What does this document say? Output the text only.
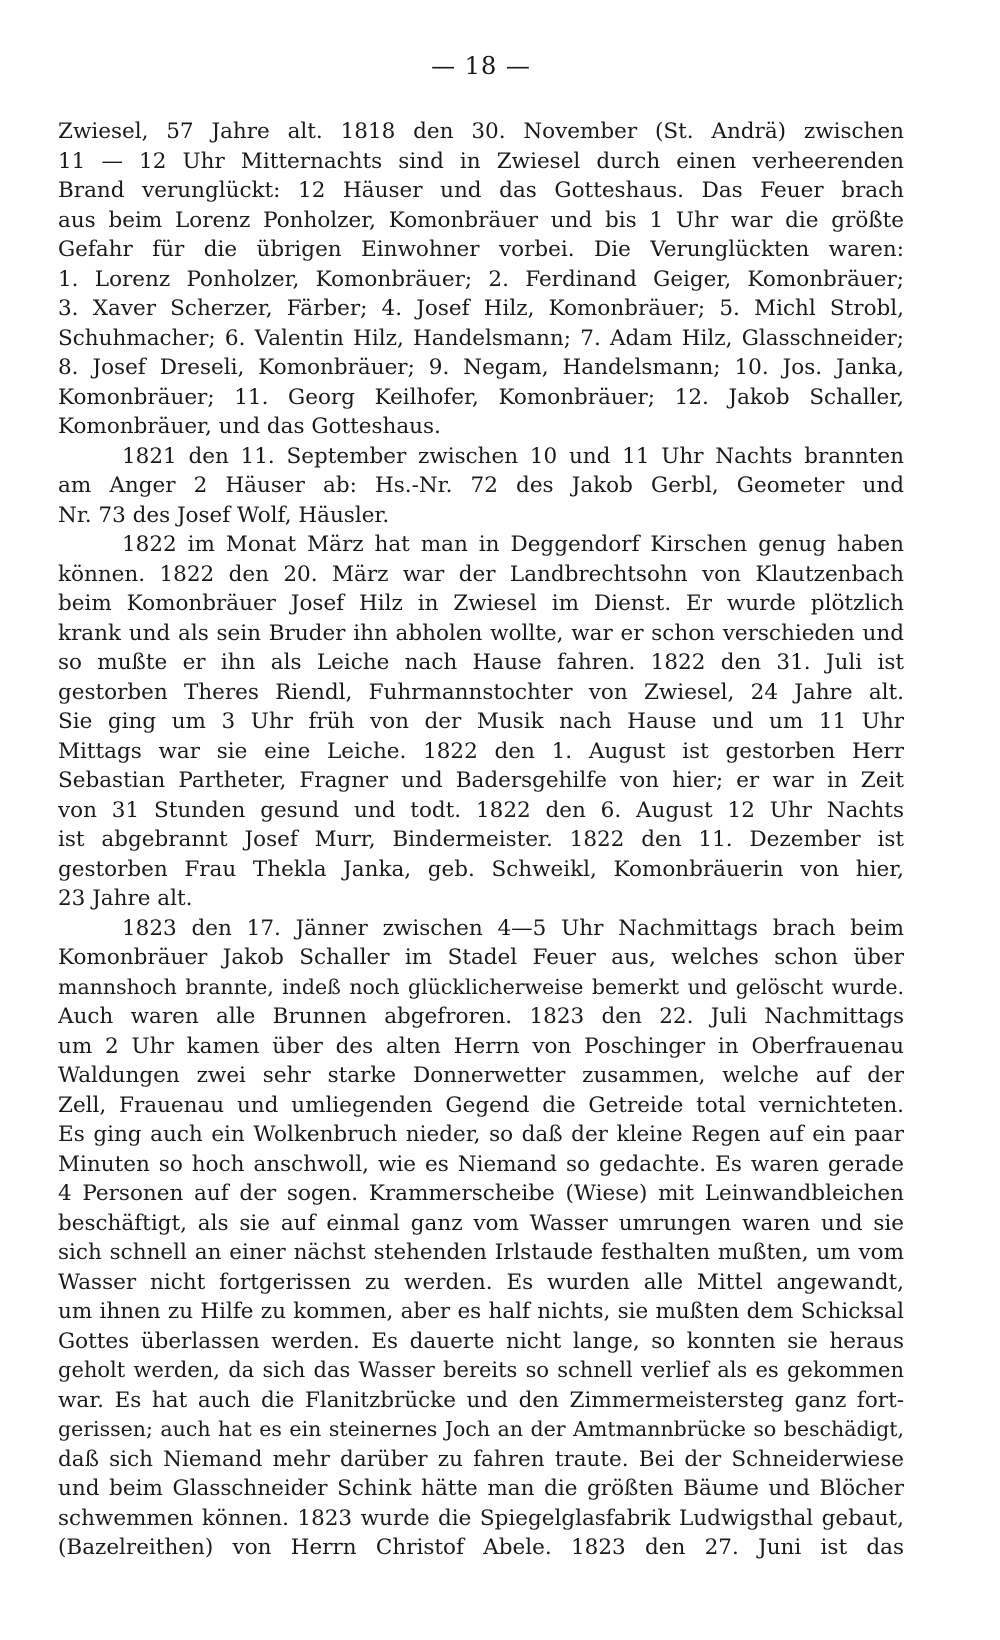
— 18 —
Zwiesel, 57 Jahre alt. 1818 den 30. November (St. Andrä) zwischen
11 — 12 Uhr Mitternachts sind in Zwiesel durch einen verheerenden
Brand verunglückt: 12 Häuser und das Gotteshaus. Das Feuer brach
aus beim Lorenz Ponholzer, Komonbräuer und bis 1 Uhr war die größte
Gefahr für die übrigen Einwohner vorbei. Die Verunglückten waren:
1. Lorenz Ponholzer, Komonbräuer; 2. Ferdinand Geiger, Komonbräuer;
3. Xaver Scherzer, Färber; 4. Josef Hilz, Komonbräuer; 5. Michl Strobl,
Schuhmacher; 6. Valentin Hilz, Handelsmann; 7. Adam Hilz, Glasschneider;
8. Josef Dreseli, Komonbräuer; 9. Negam, Handelsmann; 10. Jos. Janka,
Komonbräuer; 11. Georg Keilhofer, Komonbräuer; 12. Jakob Schaller,
Komonbräuer, und das Gotteshaus.
1821 den 11. September zwischen 10 und 11 Uhr Nachts brannten
am Anger 2 Häuser ab: Hs.-Nr. 72 des Jakob Gerbl, Geometer und
Nr. 73 des Josef Wolf, Häusler.
1822 im Monat März hat man in Deggendorf Kirschen genug haben
können. 1822 den 20. März war der Landbrechtsohn von Klautzenbach
beim Komonbräuer Josef Hilz in Zwiesel im Dienst. Er wurde plötzlich
krank und als sein Bruder ihn abholen wollte, war er schon verschieden und
so mußte er ihn als Leiche nach Hause fahren. 1822 den 31. Juli ist
gestorben Theres Riendl, Fuhrmannstochter von Zwiesel, 24 Jahre alt.
Sie ging um 3 Uhr früh von der Musik nach Hause und um 11 Uhr
Mittags war sie eine Leiche. 1822 den 1. August ist gestorben Herr
Sebastian Partheter, Fragner und Badersgehilfe von hier; er war in Zeit
von 31 Stunden gesund und todt. 1822 den 6. August 12 Uhr Nachts
ist abgebrannt Josef Murr, Bindermeister. 1822 den 11. Dezember ist
gestorben Frau Thekla Janka, geb. Schweikl, Komonbräuerin von hier,
23 Jahre alt.
1823 den 17. Jänner zwischen 4—5 Uhr Nachmittags brach beim
Komonbräuer Jakob Schaller im Stadel Feuer aus, welches schon über
mannshoch brannte, indeß noch glücklicherweise bemerkt und gelöscht wurde.
Auch waren alle Brunnen abgefroren. 1823 den 22. Juli Nachmittags
um 2 Uhr kamen über des alten Herrn von Poschinger in Oberfrauenau
Waldungen zwei sehr starke Donnerwetter zusammen, welche auf der
Zell, Frauenau und umliegenden Gegend die Getreide total vernichteten.
Es ging auch ein Wolkenbruch nieder, so daß der kleine Regen auf ein paar
Minuten so hoch anschwoll, wie es Niemand so gedachte. Es waren gerade
4 Personen auf der sogen. Krammerscheibe (Wiese) mit Leinwandbleichen
beschäftigt, als sie auf einmal ganz vom Wasser umrungen waren und sie
sich schnell an einer nächst stehenden Irlstaude festhalten mußten, um vom
Wasser nicht fortgerissen zu werden. Es wurden alle Mittel angewandt,
um ihnen zu Hilfe zu kommen, aber es half nichts, sie mußten dem Schicksal
Gottes überlassen werden. Es dauerte nicht lange, so konnten sie heraus
geholt werden, da sich das Wasser bereits so schnell verlief als es gekommen
war. Es hat auch die Flanitzbrücke und den Zimmermeistersteg ganz fort-
gerissen; auch hat es ein steinernes Joch an der Amtmannbrücke so beschädigt,
daß sich Niemand mehr darüber zu fahren traute. Bei der Schneiderwiese
und beim Glasschneider Schink hätte man die größten Bäume und Blöcher
schwemmen können. 1823 wurde die Spiegelglasfabrik Ludwigsthal gebaut,
(Bazelreithen) von Herrn Christof Abele. 1823 den 27. Juni ist das
